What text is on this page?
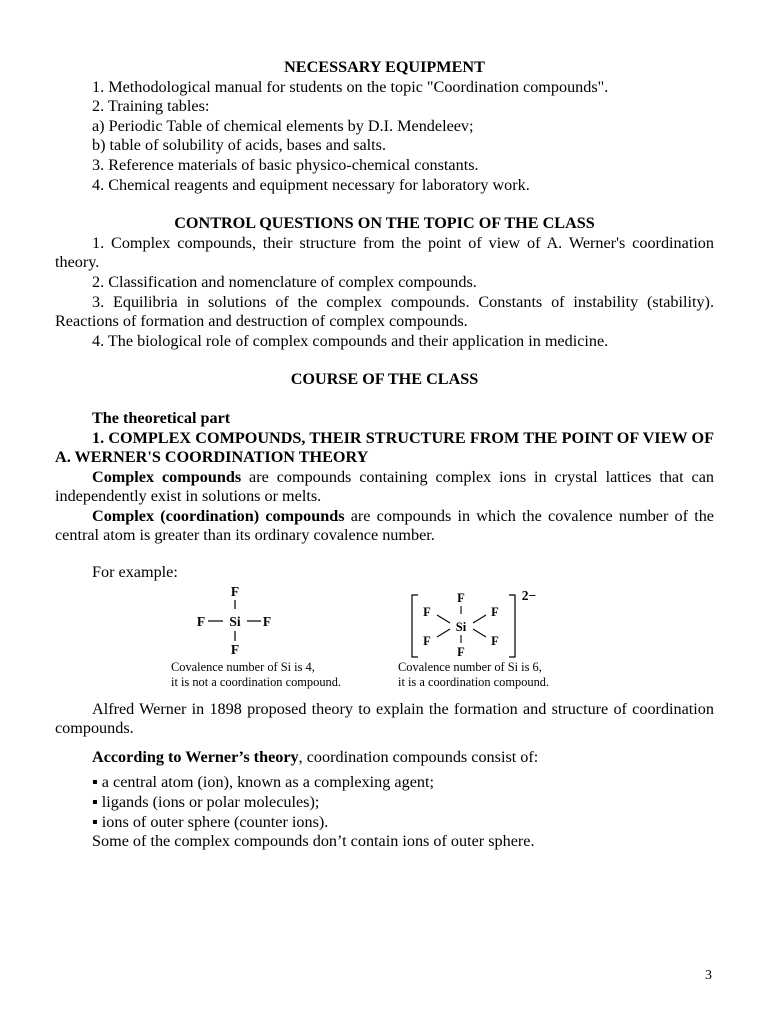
NECESSARY EQUIPMENT

1. Methodological manual for students on the topic "Coordination compounds".

2. Training tables:

a) Periodic Table of chemical elements by D.I. Mendeleev;

b) table of solubility of acids, bases and salts.

3. Reference materials of basic physico-chemical constants.

4. Chemical reagents and equipment necessary for laboratory work.

CONTROL QUESTIONS ON THE TOPIC OF THE CLASS

1. Complex compounds, their structure from the point of view of A. Werner's coordination theory.

2. Classification and nomenclature of complex compounds.

3. Equilibria in solutions of the complex compounds. Constants of instability (stability). Reactions of formation and destruction of complex compounds.

4. The biological role of complex compounds and their application in medicine.

COURSE OF THE CLASS

The theoretical part

1. COMPLEX COMPOUNDS, THEIR STRUCTURE FROM THE POINT OF VIEW OF A. WERNER'S COORDINATION THEORY

Complex compounds are compounds containing complex ions in crystal lattices that can independently exist in solutions or melts.

Complex (coordination) compounds are compounds in which the covalence number of the central atom is greater than its ordinary covalence number.

For example:

F
F Si F
F
2−
F
F	F
Si
F	F
F
Covalence number of Si is 4,
it is not a coordination compound.
Covalence number of Si is 6,
it is a coordination compound.

Alfred Werner in 1898 proposed theory to explain the formation and structure of coordination compounds.

According to Werner’s theory, coordination compounds consist of:

▪ a central atom (ion), known as a complexing agent;

▪ ligands (ions or polar molecules);

▪ ions of outer sphere (counter ions).

Some of the complex compounds don’t contain ions of outer sphere.

3
